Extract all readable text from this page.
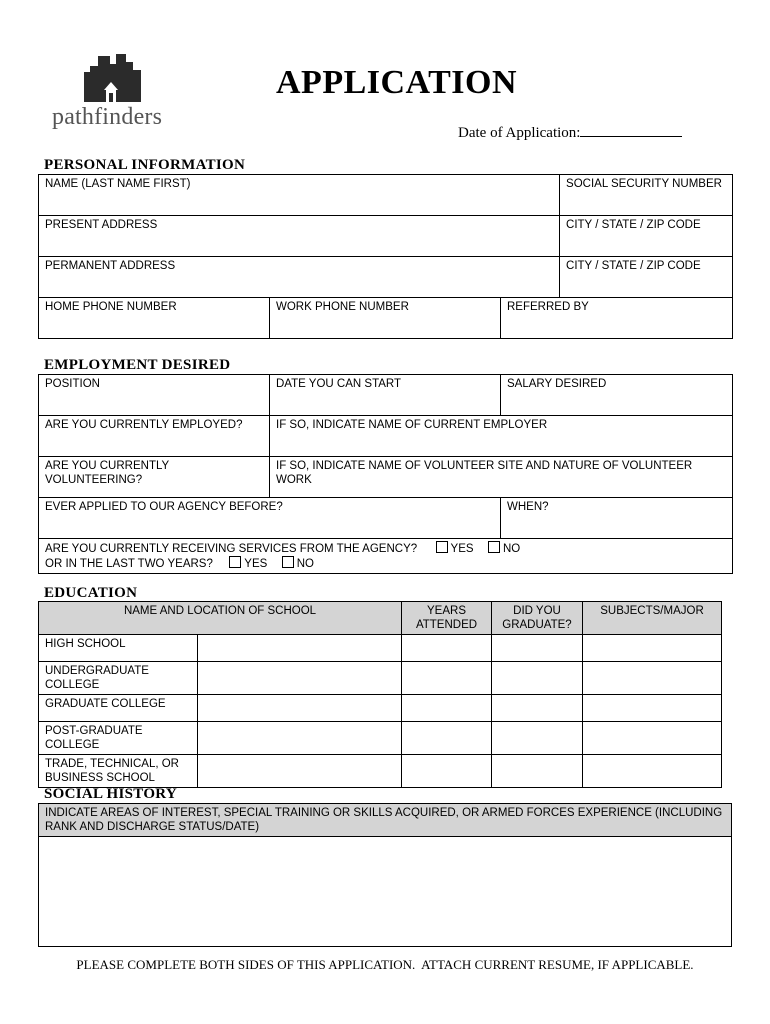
pathfinders
APPLICATION
Date of Application:
PERSONAL INFORMATION
NAME (LAST NAME FIRST)			SOCIAL SECURITY NUMBER
PRESENT ADDRESS			CITY / STATE / ZIP CODE
PERMANENT ADDRESS			CITY / STATE / ZIP CODE
HOME PHONE NUMBER	WORK PHONE NUMBER	REFERRED BY	
EMPLOYMENT DESIRED
POSITION	DATE YOU CAN START	SALARY DESIRED
ARE YOU CURRENTLY EMPLOYED?	IF SO, INDICATE NAME OF CURRENT EMPLOYER	
ARE YOU CURRENTLY VOLUNTEERING?	IF SO, INDICATE NAME OF VOLUNTEER SITE AND NATURE OF VOLUNTEER WORK	
EVER APPLIED TO OUR AGENCY BEFORE?		WHEN?

ARE YOU CURRENTLY RECEIVING SERVICES FROM THE AGENCY? YES NO
OR IN THE LAST TWO YEARS? YES NO		
EDUCATION
NAME AND LOCATION OF SCHOOL		YEARS ATTENDED	DID YOU GRADUATE?	SUBJECTS/MAJOR
HIGH SCHOOL				
UNDERGRADUATE COLLEGE				
GRADUATE COLLEGE				
POST-GRADUATE COLLEGE				
TRADE, TECHNICAL, OR BUSINESS SCHOOL				
SOCIAL HISTORY
INDICATE AREAS OF INTEREST, SPECIAL TRAINING OR SKILLS ACQUIRED, OR ARMED FORCES EXPERIENCE (INCLUDING RANK AND DISCHARGE STATUS/DATE)

PLEASE COMPLETE BOTH SIDES OF THIS APPLICATION.  ATTACH CURRENT RESUME, IF APPLICABLE.
